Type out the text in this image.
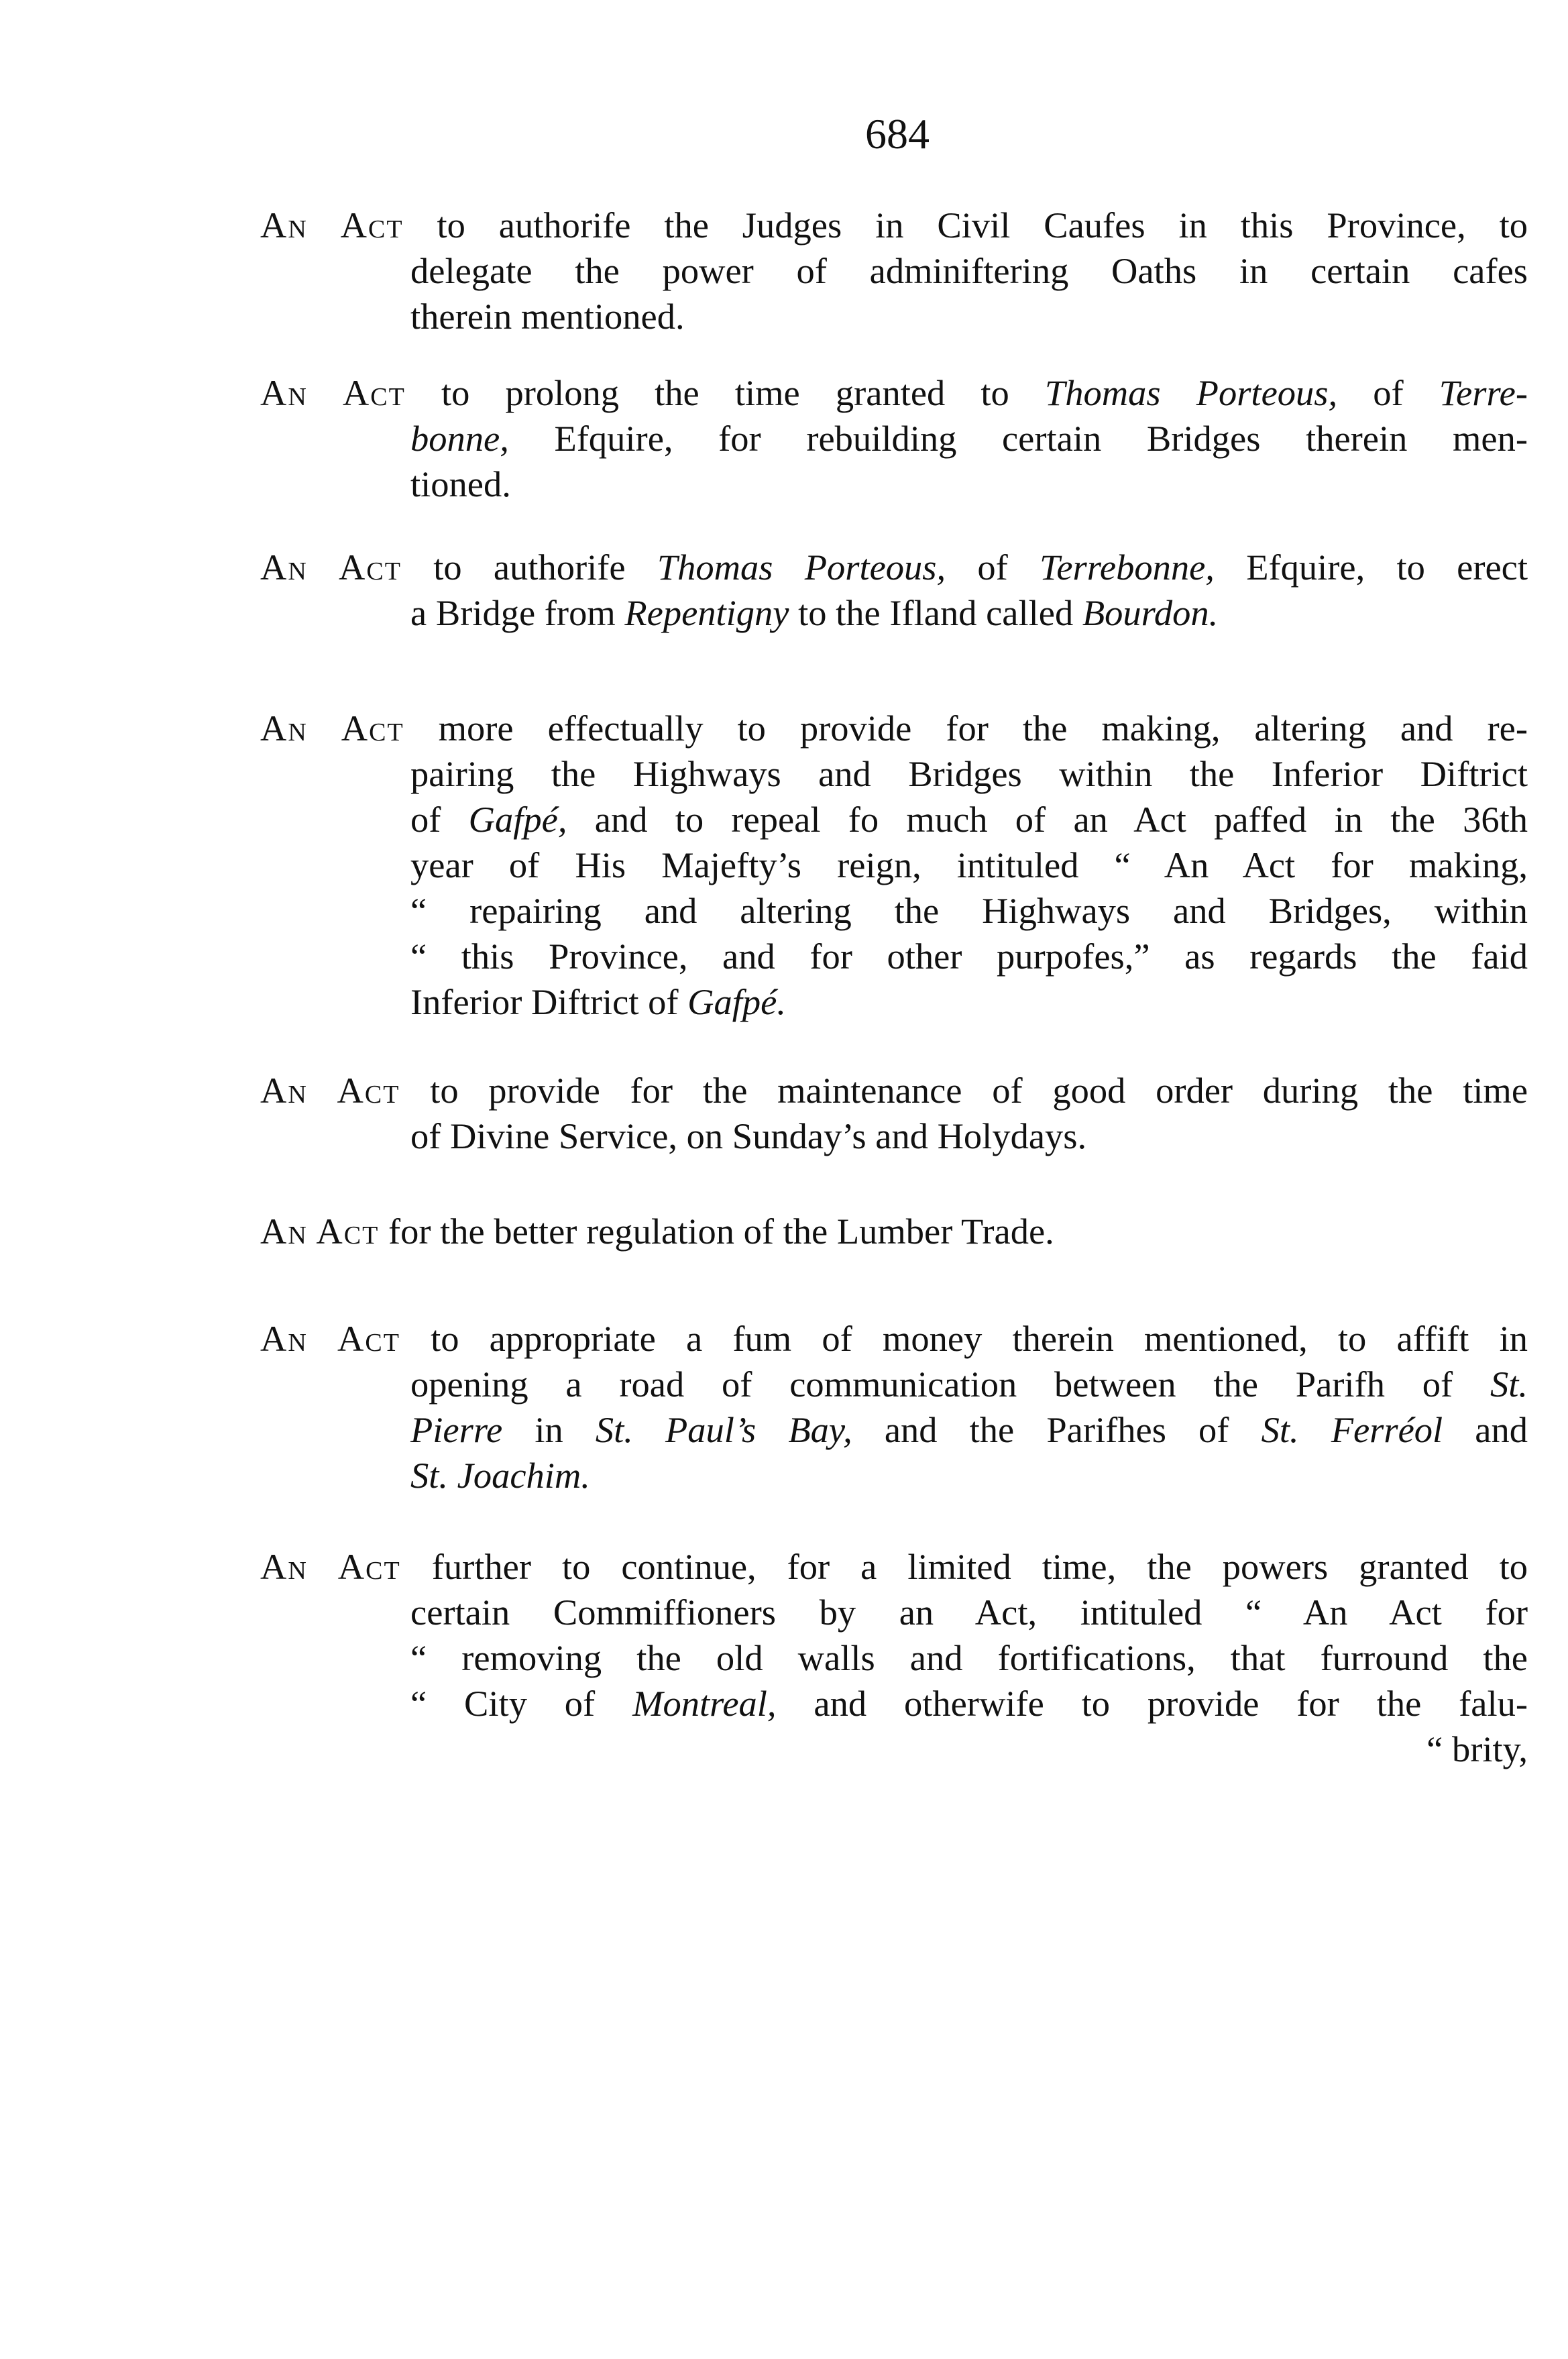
684

An Act to authorife the Judges in Civil Caufes in this Province, to
delegate the power of adminiftering Oaths in certain cafes
therein mentioned.

An Act to prolong the time granted to Thomas Porteous, of Terre-
bonne, Efquire, for rebuilding certain Bridges therein men-
tioned.

An Act to authorife Thomas Porteous, of Terrebonne, Efquire, to erect
a Bridge from Repentigny to the Ifland called Bourdon.

An Act more effectually to provide for the making, altering and re-
pairing the Highways and Bridges within the Inferior Diftrict
of Gafpé, and to repeal fo much of an Act paffed in the 36th
year of His Majefty’s reign, intituled “ An Act for making,
“ repairing and altering the Highways and Bridges, within
“ this Province, and for other purpofes,” as regards the faid
Inferior Diftrict of Gafpé.

An Act to provide for the maintenance of good order during the time
of Divine Service, on Sunday’s and Holydays.

An Act for the better regulation of the Lumber Trade.

An Act to appropriate a fum of money therein mentioned, to affift in
opening a road of communication between the Parifh of St.
Pierre in St. Paul’s Bay, and the Parifhes of St. Ferréol and
St. Joachim.

An Act further to continue, for a limited time, the powers granted to
certain Commiffioners by an Act, intituled “ An Act for
“ removing the old walls and fortifications, that furround the
“ City of Montreal, and otherwife to provide for the falu-
“ brity,
